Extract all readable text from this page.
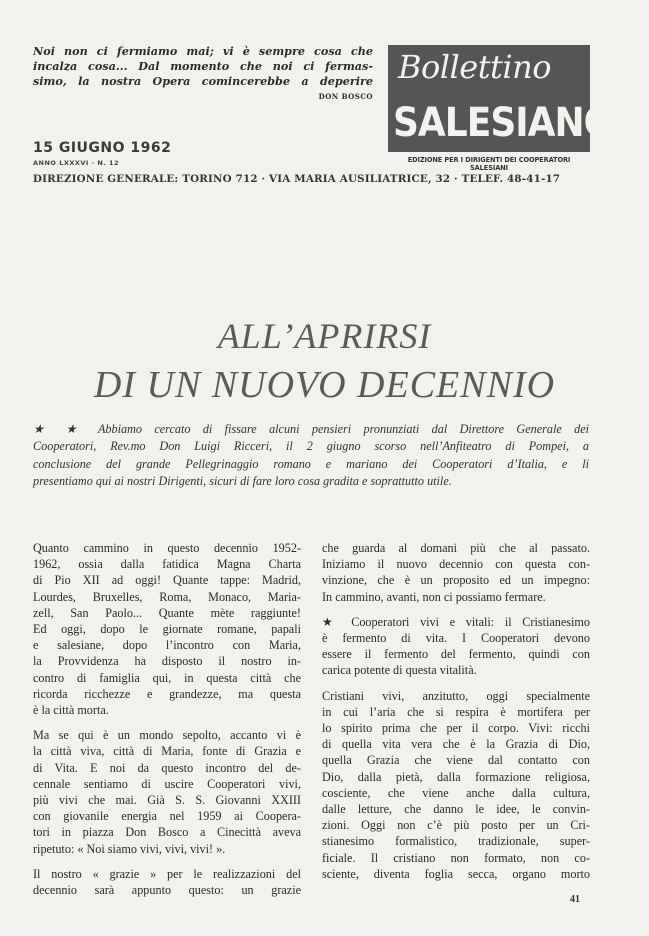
Noi non ci fermiamo mai; vi è sempre cosa che
incalza cosa... Dal momento che noi ci fermas-
simo, la nostra Opera comincerebbe a deperire
DON BOSCO
Bollettino
SALESIANO
EDIZIONE PER I DIRIGENTI DEI COOPERATORI SALESIANI
15 GIUGNO 1962
ANNO LXXXVI · N. 12
DIREZIONE GENERALE: TORINO 712 · VIA MARIA AUSILIATRICE, 32 · TELEF. 48-41-17
ALL’APRIRSI
DI UN NUOVO DECENNIO
★ ★ Abbiamo cercato di fissare alcuni pensieri pronunziati dal Direttore Generale dei
Cooperatori, Rev.mo Don Luigi Ricceri, il 2 giugno scorso nell’Anfiteatro di Pompei, a
conclusione del grande Pellegrinaggio romano e mariano dei Cooperatori d’Italia, e li
presentiamo qui ai nostri Dirigenti, sicuri di fare loro cosa gradita e soprattutto utile.
Quanto cammino in questo decennio 1952-
1962, ossia dalla fatidica Magna Charta
di Pio XII ad oggi! Quante tappe: Madrid,
Lourdes, Bruxelles, Roma, Monaco, Maria-
zell, San Paolo... Quante mète raggiunte!
Ed oggi, dopo le giornate romane, papali
e salesiane, dopo l’incontro con Maria,
la Provvidenza ha disposto il nostro in-
contro di famiglia qui, in questa città che
ricorda ricchezze e grandezze, ma questa
è la città morta.
Ma se qui è un mondo sepolto, accanto vi è
la città viva, città di Maria, fonte di Grazia e
di Vita. E noi da questo incontro del de-
cennale sentiamo di uscire Cooperatori vivi,
più vivi che mai. Già S. S. Giovanni XXIII
con giovanile energia nel 1959 ai Coopera-
tori in piazza Don Bosco a Cinecittà aveva
ripetuto: « Noi siamo vivi, vivi, vivi! ».
Il nostro « grazie » per le realizzazioni del
decennio sarà appunto questo: un grazie
che guarda al domani più che al passato.
Iniziamo il nuovo decennio con questa con-
vinzione, che è un proposito ed un impegno:
In cammino, avanti, non ci possiamo fermare.
★ Cooperatori vivi e vitali: il Cristianesimo
è fermento di vita. I Cooperatori devono
essere il fermento del fermento, quindi con
carica potente di questa vitalità.
Cristiani vivi, anzitutto, oggi specialmente
in cui l’aria che si respira è mortifera per
lo spirito prima che per il corpo. Vivi: ricchi
di quella vita vera che è la Grazia di Dio,
quella Grazia che viene dal contatto con
Dio, dalla pietà, dalla formazione religiosa,
cosciente, che viene anche dalla cultura,
dalle letture, che danno le idee, le convin-
zioni. Oggi non c’è più posto per un Cri-
stianesimo formalistico, tradizionale, super-
ficiale. Il cristiano non formato, non co-
sciente, diventa foglia secca, organo morto
41
